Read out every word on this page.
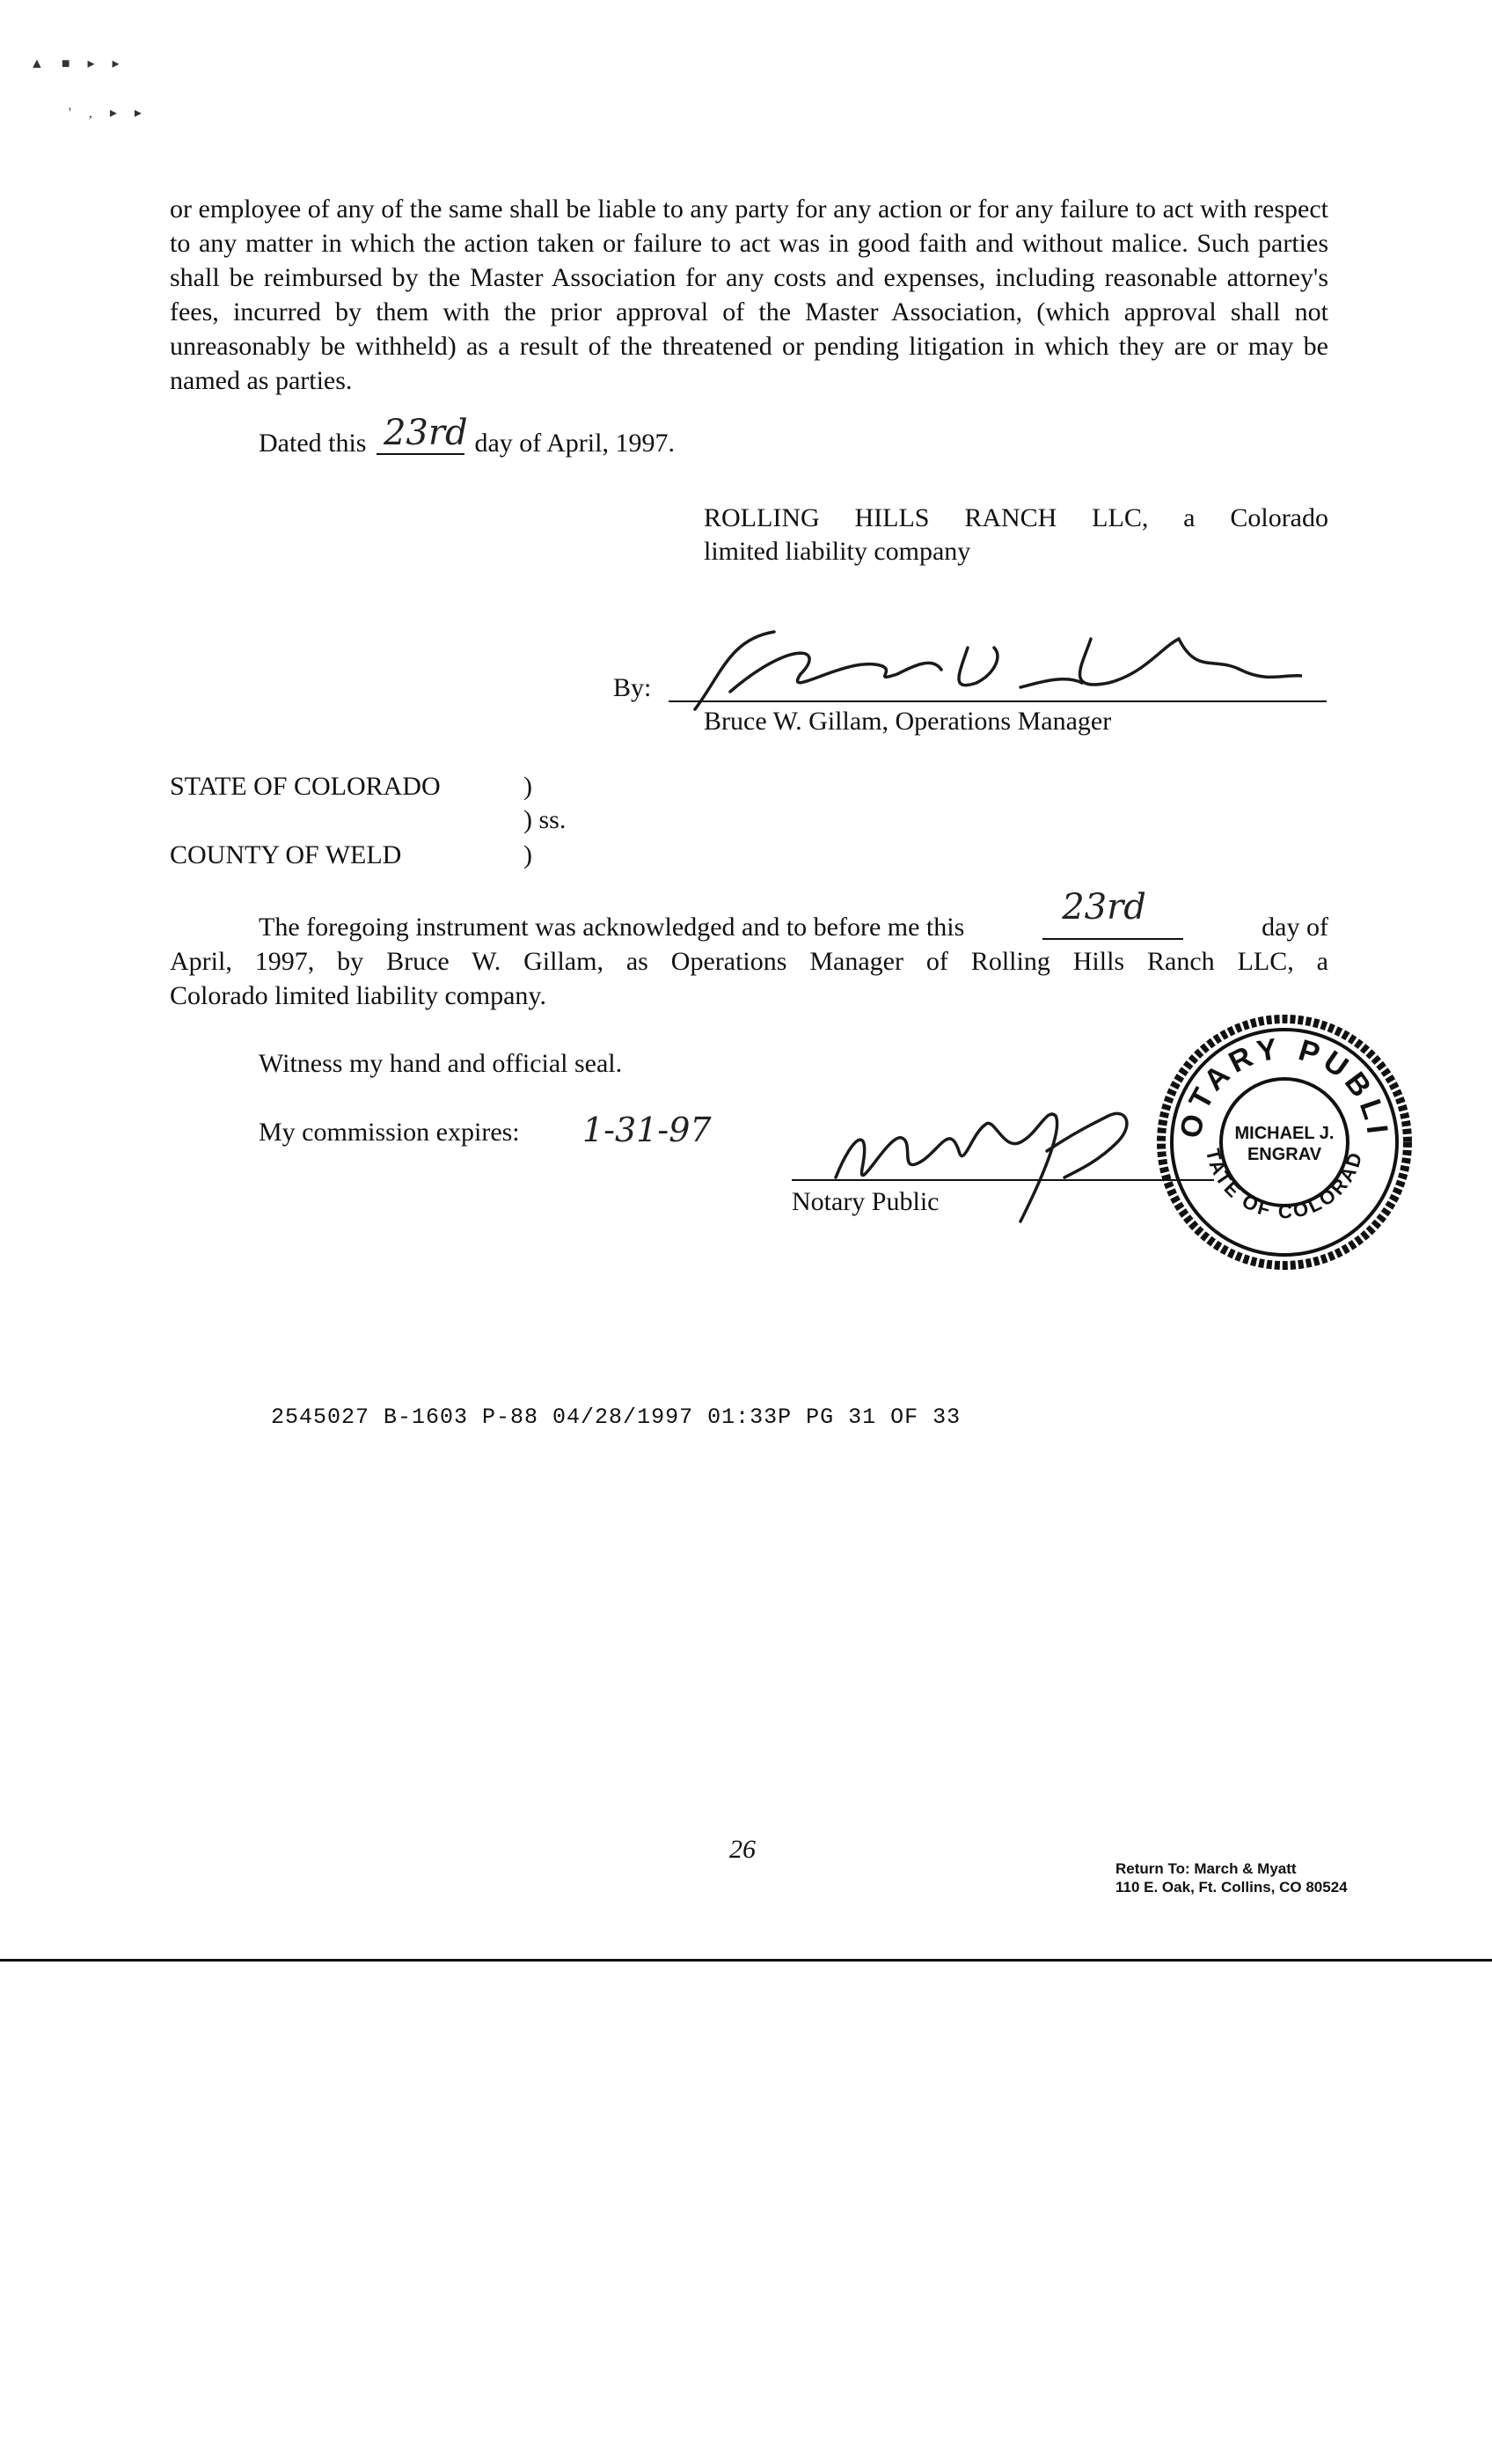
▲ ■ ▸ ▸
' , ▸ ▸
or employee of any of the same shall be liable to any party for any action or for any failure to act with respect to any matter in which the action taken or failure to act was in good faith and without malice. Such parties shall be reimbursed by the Master Association for any costs and expenses, including reasonable attorney's fees, incurred by them with the prior approval of the Master Association, (which approval shall not unreasonably be withheld) as a result of the threatened or pending litigation in which they are or may be named as parties.
Dated this 23rd day of April, 1997.
ROLLING HILLS RANCH LLC, a Colorado
limited liability company
By:
Bruce W. Gillam, Operations Manager
STATE OF COLORADO	)
) ss.
COUNTY OF WELD	)
The foregoing instrument was acknowledged and to before me this	23rd	day of
April, 1997, by Bruce W. Gillam, as Operations Manager of Rolling Hills Ranch LLC, a
Colorado limited liability company.
Witness my hand and official seal.
My commission expires: 1-31-97
Notary Public
OTARY PUBLI
TATE OF COLORAD
MICHAEL J.
ENGRAV
2545027 B-1603 P-88 04/28/1997 01:33P PG 31 OF 33
26
Return To: March & Myatt
110 E. Oak, Ft. Collins, CO 80524
